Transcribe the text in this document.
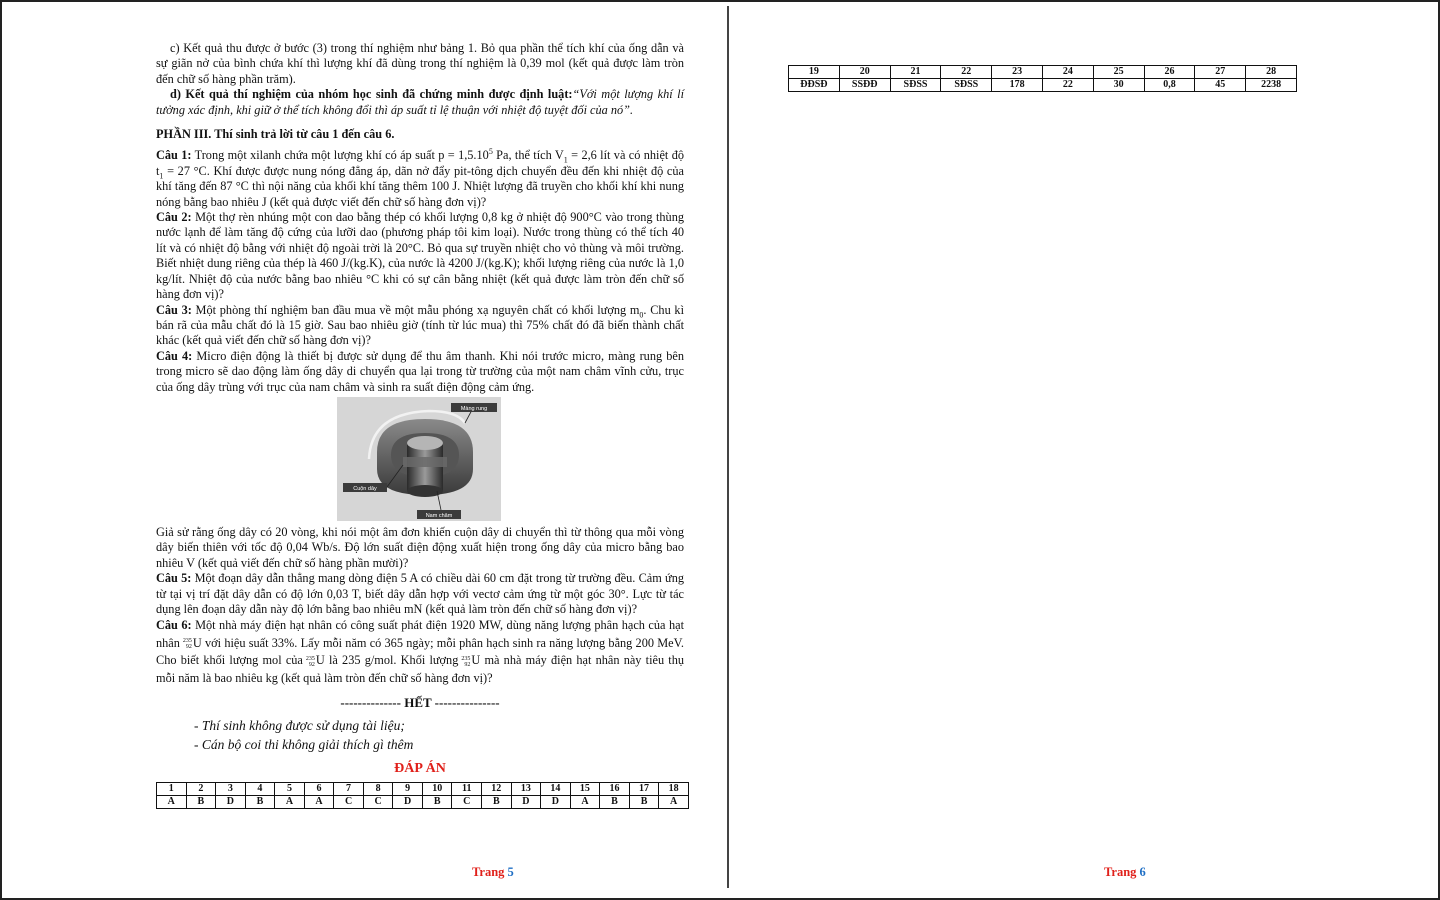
c) Kết quả thu được ở bước (3) trong thí nghiệm như bảng 1. Bỏ qua phần thể tích khí của ống dẫn và sự giãn nở của bình chứa khí thì lượng khí đã dùng trong thí nghiệm là 0,39 mol (kết quả được làm tròn đến chữ số hàng phần trăm).

d) Kết quả thí nghiệm của nhóm học sinh đã chứng minh được định luật:“Với một lượng khí lí tưởng xác định, khi giữ ở thể tích không đổi thì áp suất tỉ lệ thuận với nhiệt độ tuyệt đối của nó”.

PHẦN III. Thí sinh trả lời từ câu 1 đến câu 6.

Câu 1: Trong một xilanh chứa một lượng khí có áp suất $p = 1,5.10^5$ Pa, thể tích $V_1 = 2,6$ lít và có nhiệt độ $t_1 = 27$ °C. Khí được được nung nóng đẳng áp, dãn nở đẩy pit-tông dịch chuyển đều đến khi nhiệt độ của khí tăng đến 87 °C thì nội năng của khối khí tăng thêm 100 J. Nhiệt lượng đã truyền cho khối khí khi nung nóng bằng bao nhiêu J (kết quả được viết đến chữ số hàng đơn vị)?

Câu 2: Một thợ rèn nhúng một con dao bằng thép có khối lượng 0,8 kg ở nhiệt độ 900°C vào trong thùng nước lạnh để làm tăng độ cứng của lưỡi dao (phương pháp tôi kim loại). Nước trong thùng có thể tích 40 lít và có nhiệt độ bằng với nhiệt độ ngoài trời là 20°C. Bỏ qua sự truyền nhiệt cho vỏ thùng và môi trường. Biết nhiệt dung riêng của thép là 460 J/(kg.K), của nước là 4200 J/(kg.K); khối lượng riêng của nước là 1,0 kg/lít. Nhiệt độ của nước bằng bao nhiêu °C khi có sự cân bằng nhiệt (kết quả được làm tròn đến chữ số hàng đơn vị)?

Câu 3: Một phòng thí nghiệm ban đầu mua về một mẫu phóng xạ nguyên chất có khối lượng $m_0$. Chu kì bán rã của mẫu chất đó là 15 giờ. Sau bao nhiêu giờ (tính từ lúc mua) thì 75% chất đó đã biến thành chất khác (kết quả viết đến chữ số hàng đơn vị)?

Câu 4: Micro điện động là thiết bị được sử dụng để thu âm thanh. Khi nói trước micro, màng rung bên trong micro sẽ dao động làm ống dây di chuyển qua lại trong từ trường của một nam châm vĩnh cửu, trục của ống dây trùng với trục của nam châm và sinh ra suất điện động cảm ứng.

Màng rung
Cuộn dây
Nam châm

Giả sử rằng ống dây có 20 vòng, khi nói một âm đơn khiến cuộn dây di chuyển thì từ thông qua mỗi vòng dây biến thiên với tốc độ 0,04 Wb/s. Độ lớn suất điện động xuất hiện trong ống dây của micro bằng bao nhiêu V (kết quả viết đến chữ số hàng phần mười)?

Câu 5: Một đoạn dây dẫn thẳng mang dòng điện 5 A có chiều dài 60 cm đặt trong từ trường đều. Cảm ứng từ tại vị trí đặt dây dẫn có độ lớn 0,03 T, biết dây dẫn hợp với vectơ cảm ứng từ một góc 30°. Lực từ tác dụng lên đoạn dây dẫn này độ lớn bằng bao nhiêu mN (kết quả làm tròn đến chữ số hàng đơn vị)?

Câu 6: Một nhà máy điện hạt nhân có công suất phát điện 1920 MW, dùng năng lượng phân hạch của hạt nhân 235
92 U với hiệu suất 33%. Lấy mỗi năm có 365 ngày; mỗi phân hạch sinh ra năng lượng bằng 200 MeV. Cho biết khối lượng mol của 235
92 U là 235 g/mol. Khối lượng 235
92 U mà nhà máy điện hạt nhân này tiêu thụ mỗi năm là bao nhiêu kg (kết quả làm tròn đến chữ số hàng đơn vị)?

-------------- HẾT ---------------

- Thí sinh không được sử dụng tài liệu;

- Cán bộ coi thi không giải thích gì thêm

ĐÁP ÁN

1	2	3	4	5	6	7	8	9	10	11	12	13	14	15	16	17	18
A	B	D	B	A	A	C	C	D	B	C	B	D	D	A	B	B	A
Trang 5
19	20	21	22	23	24	25	26	27	28
ĐĐSĐ	SSĐĐ	SĐSS	SĐSS	178	22	30	0,8	45	2238
Trang 6
